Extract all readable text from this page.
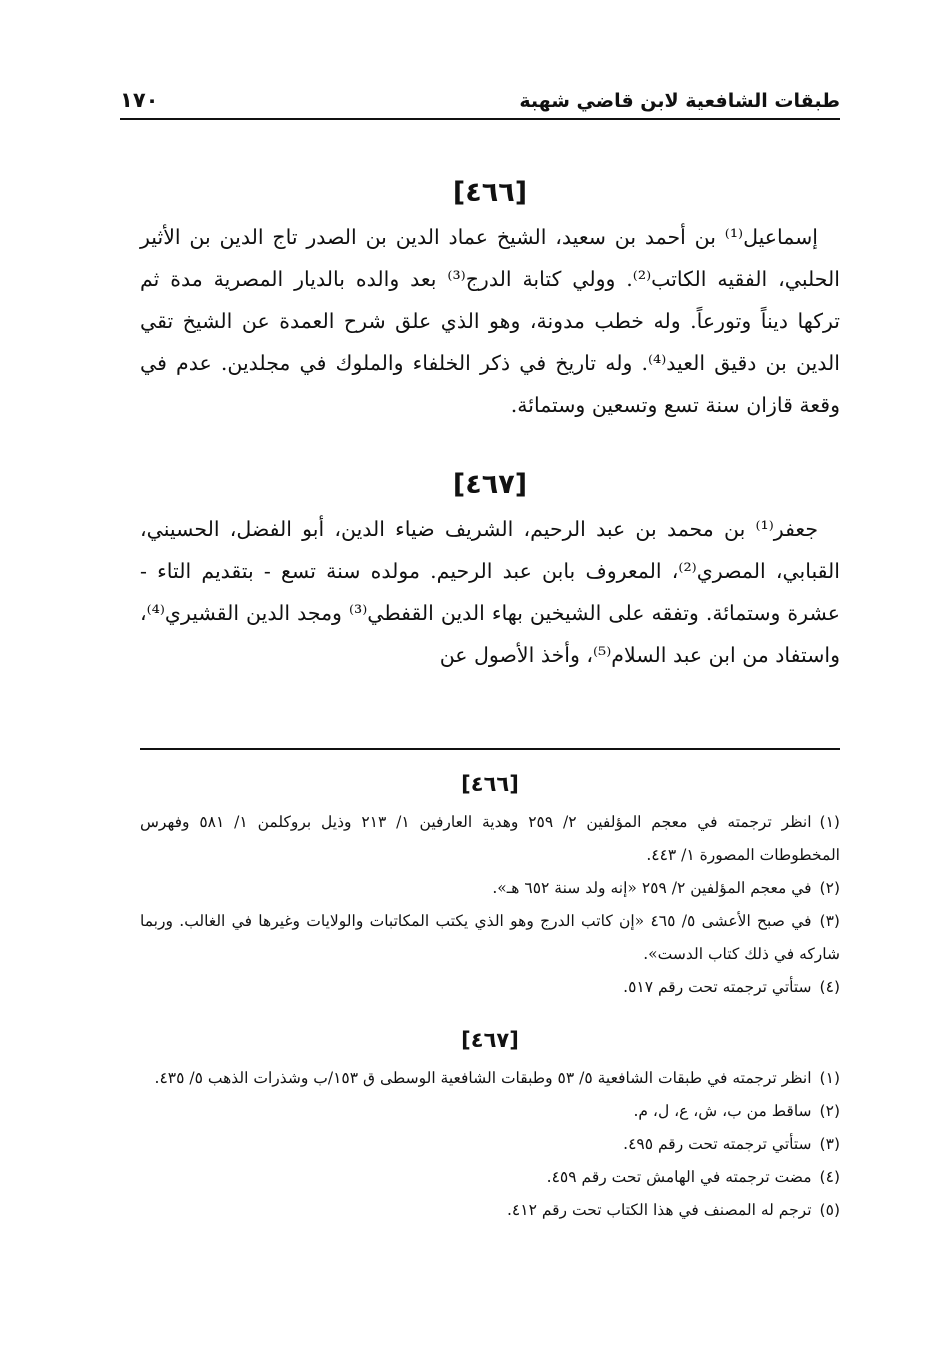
١٧٠	طبقات الشافعية لابن قاضي شهبة
[٤٦٦]

إسماعيل⁽¹⁾ بن أحمد بن سعيد، الشيخ عماد الدين بن الصدر تاج الدين بن الأثير الحلبي، الفقيه الكاتب⁽²⁾. وولي كتابة الدرج⁽³⁾ بعد والده بالديار المصرية مدة ثم تركها ديناً وتورعاً. وله خطب مدونة، وهو الذي علق شرح العمدة عن الشيخ تقي الدين بن دقيق العيد⁽⁴⁾. وله تاريخ في ذكر الخلفاء والملوك في مجلدين. عدم في وقعة قازان سنة تسع وتسعين وستمائة.

[٤٦٧]

جعفر⁽¹⁾ بن محمد بن عبد الرحيم، الشريف ضياء الدين، أبو الفضل، الحسيني، القبابي، المصري⁽²⁾، المعروف بابن عبد الرحيم. مولده سنة تسع - بتقديم التاء - عشرة وستمائة. وتفقه على الشيخين بهاء الدين القفطي⁽³⁾ ومجد الدين القشيري⁽⁴⁾، واستفاد من ابن عبد السلام⁽⁵⁾، وأخذ الأصول عن

[٤٦٦]
(١)انظر ترجمته في معجم المؤلفين ٢/ ٢٥٩ وهدية العارفين ١/ ٢١٣ وذيل بروكلمن ١/ ٥٨١ وفهرس المخطوطات المصورة ١/ ٤٤٣.
(٢)في معجم المؤلفين ٢/ ٢٥٩ «إنه ولد سنة ٦٥٢ هـ».
(٣)في صبح الأعشى ٥/ ٤٦٥ «إن كاتب الدرج وهو الذي يكتب المكاتبات والولايات وغيرها في الغالب. وربما شاركه في ذلك كتاب الدست».
(٤)ستأتي ترجمته تحت رقم ٥١٧.
[٤٦٧]
(١)انظر ترجمته في طبقات الشافعية ٥/ ٥٣ وطبقات الشافعية الوسطى ق ١٥٣/ب وشذرات الذهب ٥/ ٤٣٥.
(٢)ساقط من ب، ش، ع، ل، م.
(٣)ستأتي ترجمته تحت رقم ٤٩٥.
(٤)مضت ترجمته في الهامش تحت رقم ٤٥٩.
(٥)ترجم له المصنف في هذا الكتاب تحت رقم ٤١٢.
